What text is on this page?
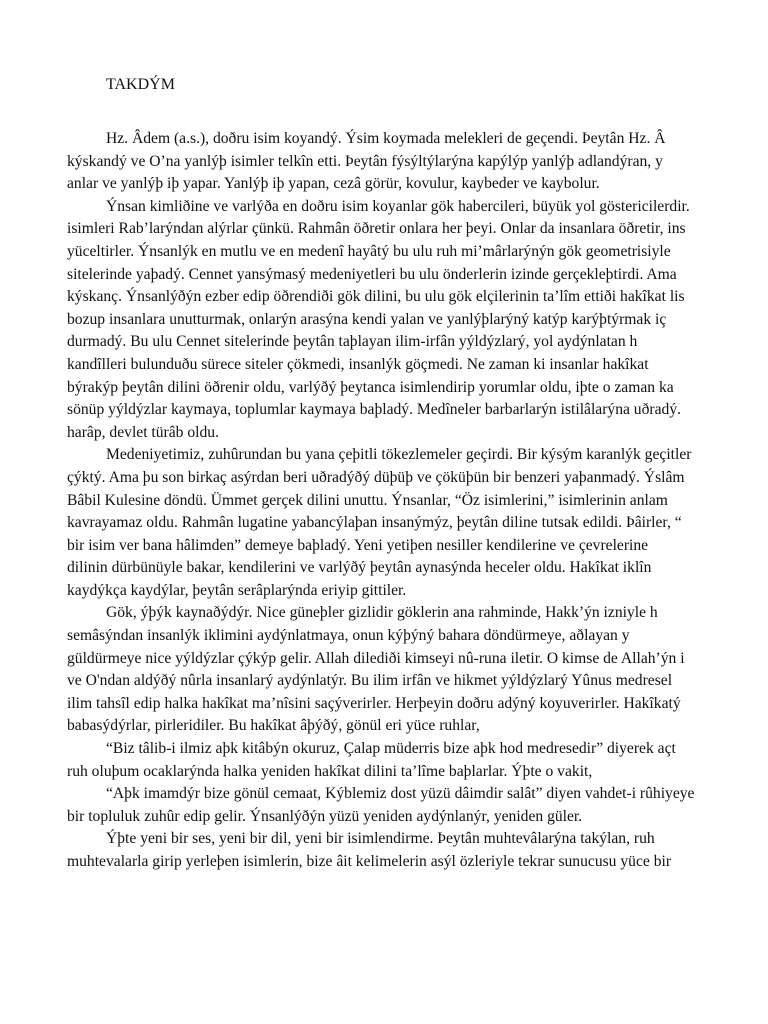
TAKDÝM
Hz. Âdem (a.s.), doðru isim koyandý. Ýsim koymada melekleri de geçendi. Þeytân Hz. Â
kýskandý ve O’na yanlýþ isimler telkîn etti. Þeytân fýsýltýlarýna kapýlýp yanlýþ adlandýran, y
anlar ve yanlýþ iþ yapar. Yanlýþ iþ yapan, cezâ görür, kovulur, kaybeder ve kaybolur.
Ýnsan kimliðine ve varlýða en doðru isim koyanlar gök habercileri, büyük yol göstericilerdir.
isimleri Rab’larýndan alýrlar çünkü. Rahmân öðretir onlara her þeyi. Onlar da insanlara öðretir, ins
yüceltirler. Ýnsanlýk en mutlu ve en medenî hayâtý bu ulu ruh mi’mârlarýnýn gök geometrisiyle
sitelerinde yaþadý. Cennet yansýmasý medeniyetleri bu ulu önderlerin izinde gerçekleþtirdi. Ama
kýskanç. Ýnsanlýðýn ezber edip öðrendiði gök dilini, bu ulu gök elçilerinin ta’lîm ettiði hakîkat lis
bozup insanlara unutturmak, onlarýn arasýna kendi yalan ve yanlýþlarýný katýp karýþtýrmak iç
durmadý. Bu ulu Cennet sitelerinde þeytân taþlayan ilim-irfân yýldýzlarý, yol aydýnlatan h
kandîlleri bulunduðu sürece siteler çökmedi, insanlýk göçmedi. Ne zaman ki insanlar hakîkat
býrakýp þeytân dilini öðrenir oldu, varlýðý þeytanca isimlendirip yorumlar oldu, iþte o zaman ka
sönüp yýldýzlar kaymaya, toplumlar kaymaya baþladý. Medîneler barbarlarýn istilâlarýna uðradý.
harâp, devlet türâb oldu.
Medeniyetimiz, zuhûrundan bu yana çeþitli tökezlemeler geçirdi. Bir kýsým karanlýk geçitler
çýktý. Ama þu son birkaç asýrdan beri uðradýðý düþüþ ve çöküþün bir benzeri yaþanmadý. Ýslâm
Bâbil Kulesine döndü. Ümmet gerçek dilini unuttu. Ýnsanlar, “Öz isimlerini,” isimlerinin anlam
kavrayamaz oldu. Rahmân lugatine yabancýlaþan insanýmýz, þeytân diline tutsak edildi. Þâirler, “
bir isim ver bana hâlimden” demeye baþladý. Yeni yetiþen nesiller kendilerine ve çevrelerine
dilinin dürbünüyle bakar, kendilerini ve varlýðý þeytân aynasýnda heceler oldu. Hakîkat iklîn
kaydýkça kaydýlar, þeytân serâplarýnda eriyip gittiler.
Gök, ýþýk kaynaðýdýr. Nice güneþler gizlidir göklerin ana rahminde, Hakk’ýn izniyle h
semâsýndan insanlýk iklimini aydýnlatmaya, onun kýþýný bahara döndürmeye, aðlayan y
güldürmeye nice yýldýzlar çýkýp gelir. Allah dilediði kimseyi nû-runa iletir. O kimse de Allah’ýn i
ve O'ndan aldýðý nûrla insanlarý aydýnlatýr. Bu ilim irfân ve hikmet yýldýzlarý Yûnus medresel
ilim tahsîl edip halka hakîkat ma’nîsini saçýverirler. Herþeyin doðru adýný koyuverirler. Hakîkatý
babasýdýrlar, pirleridiler. Bu hakîkat âþýðý, gönül eri yüce ruhlar,
“Biz tâlib-i ilmiz aþk kitâbýn okuruz, Çalap müderris bize aþk hod medresedir” diyerek açt
ruh oluþum ocaklarýnda halka yeniden hakîkat dilini ta’lîme baþlarlar. Ýþte o vakit,
“Aþk imamdýr bize gönül cemaat, Kýblemiz dost yüzü dâimdir salât” diyen vahdet-i rûhiyeye
bir topluluk zuhûr edip gelir. Ýnsanlýðýn yüzü yeniden aydýnlanýr, yeniden güler.
Ýþte yeni bir ses, yeni bir dil, yeni bir isimlendirme. Þeytân muhtevâlarýna takýlan, ruh
muhtevalarla girip yerleþen isimlerin, bize âit kelimelerin asýl özleriyle tekrar sunucusu yüce bir
